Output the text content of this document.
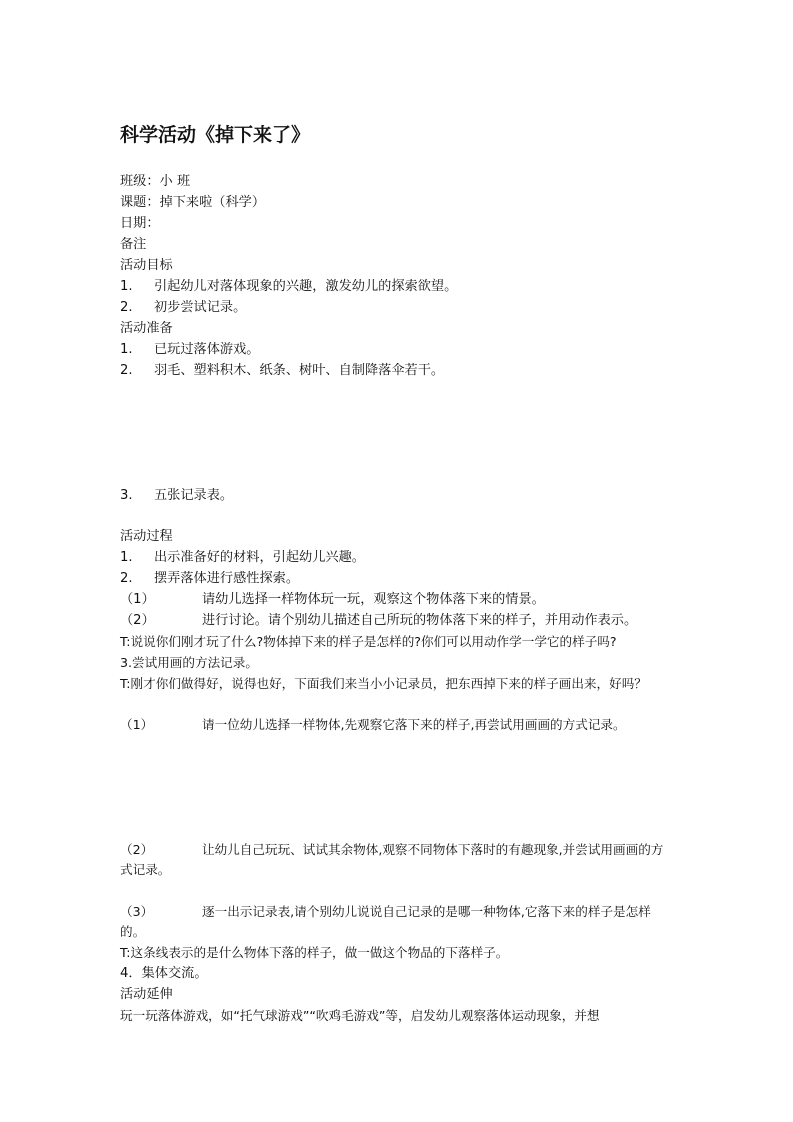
科学活动《掉下来了》
班级：小 班
课题：掉下来啦（科学）
日期：
备注
活动目标
1. 引起幼儿对落体现象的兴趣，激发幼儿的探索欲望。
2. 初步尝试记录。
活动准备
1. 已玩过落体游戏。
2. 羽毛、塑料积木、纸条、树叶、自制降落伞若干。
3. 五张记录表。
活动过程
1. 出示准备好的材料，引起幼儿兴趣。
2. 摆弄落体进行感性探索。
（1）	请幼儿选择一样物体玩一玩，观察这个物体落下来的情景。
（2）	进行讨论。请个别幼儿描述自己所玩的物体落下来的样子，并用动作表示。
T:说说你们刚才玩了什么?物体掉下来的样子是怎样的?你们可以用动作学一学它的样子吗?
3.尝试用画的方法记录。
T:刚才你们做得好，说得也好，下面我们来当小小记录员，把东西掉下来的样子画出来，好吗？
（1）	请一位幼儿选择一样物体,先观察它落下来的样子,再尝试用画画的方式记录。
（2）	让幼儿自己玩玩、试试其余物体,观察不同物体下落时的有趣现象,并尝试用画画的方式记录。
（3）	逐一出示记录表,请个别幼儿说说自己记录的是哪一种物体,它落下来的样子是怎样的。
T:这条线表示的是什么物体下落的样子，做一做这个物品的下落样子。
4．集体交流。
活动延伸
玩一玩落体游戏，如“托气球游戏”“吹鸡毛游戏”等，启发幼儿观察落体运动现象，并想
